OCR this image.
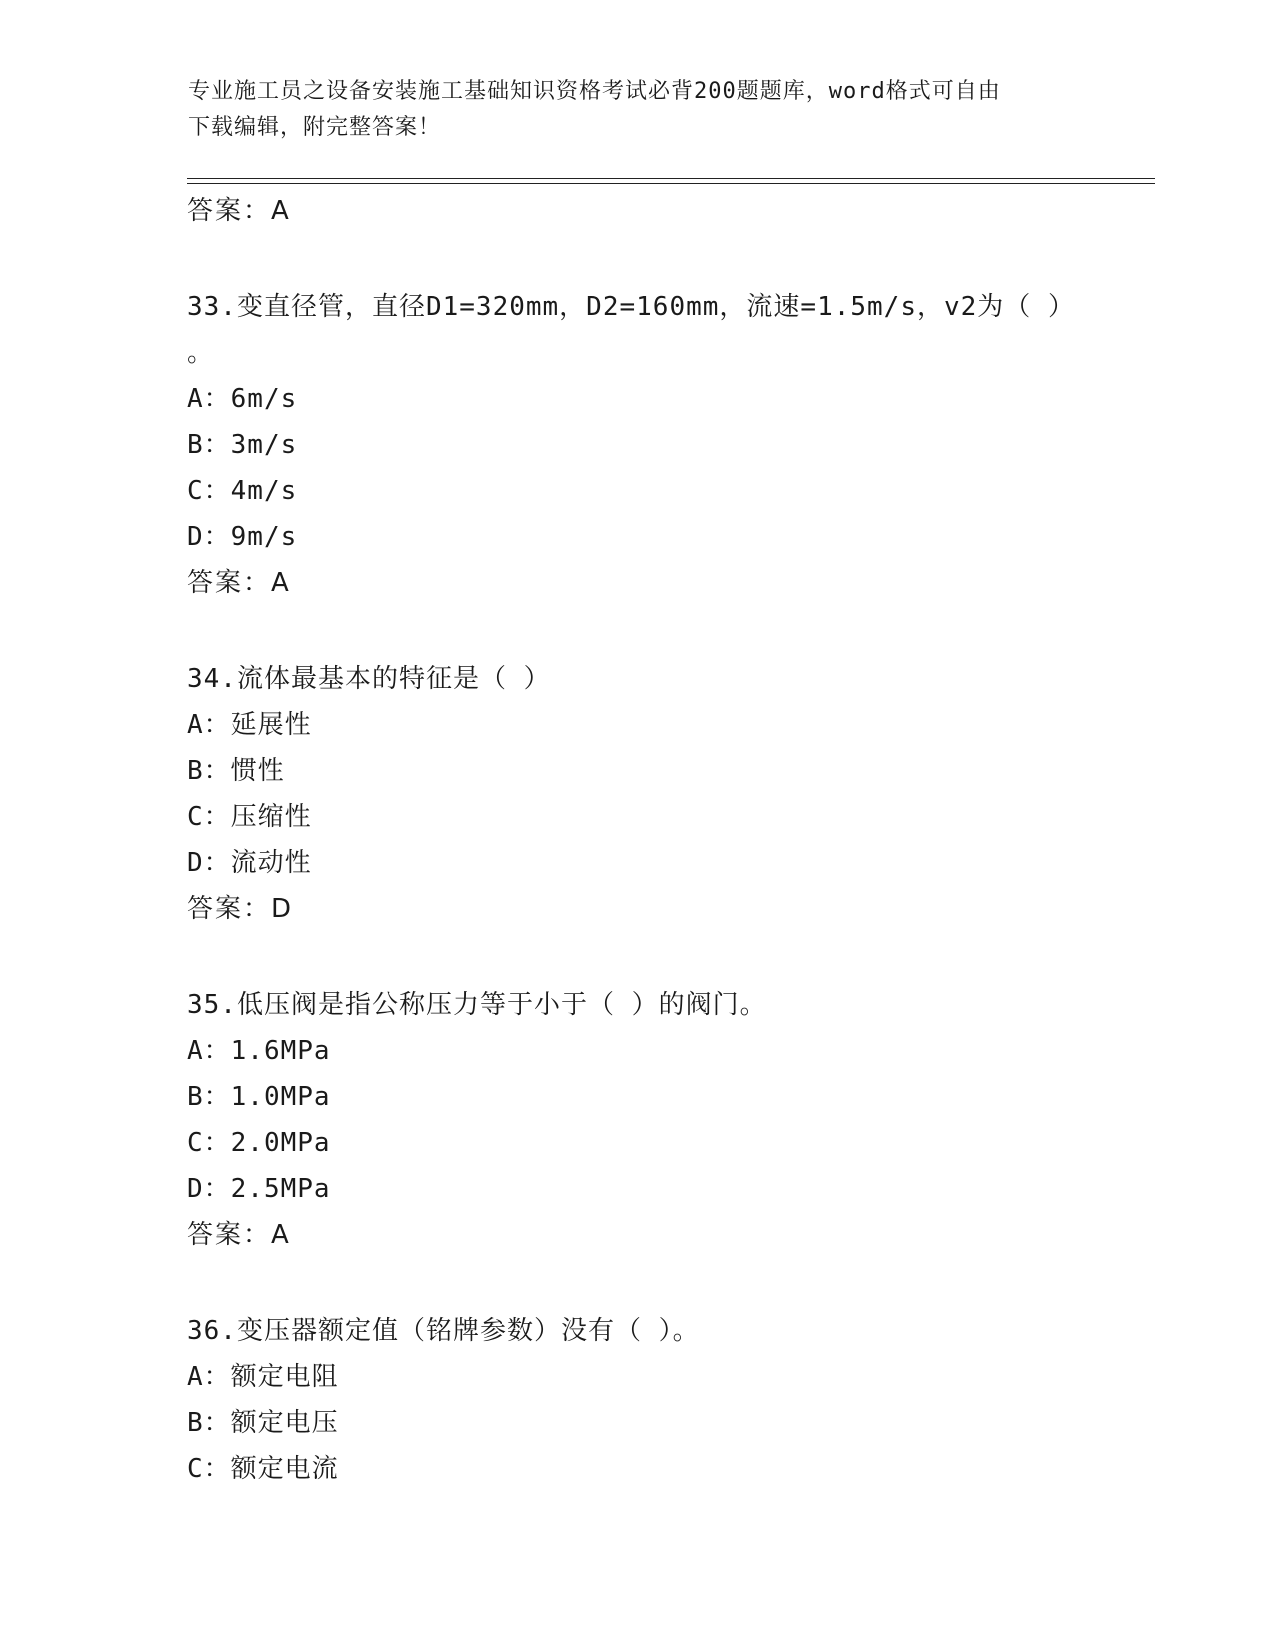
专业施工员之设备安装施工基础知识资格考试必背200题题库，word格式可自由
下载编辑，附完整答案！
答案：A
33.变直径管，直径D1=320mm，D2=160mm，流速=1.5m/s，v2为（ ）
。
A：6m/s
B：3m/s
C：4m/s
D：9m/s
答案：A
34.流体最基本的特征是（ ）
A：延展性
B：惯性
C：压缩性
D：流动性
答案：D
35.低压阀是指公称压力等于小于（ ）的阀门。
A：1.6MPa
B：1.0MPa
C：2.0MPa
D：2.5MPa
答案：A
36.变压器额定值（铭牌参数）没有（ ）。
A：额定电阻
B：额定电压
C：额定电流
